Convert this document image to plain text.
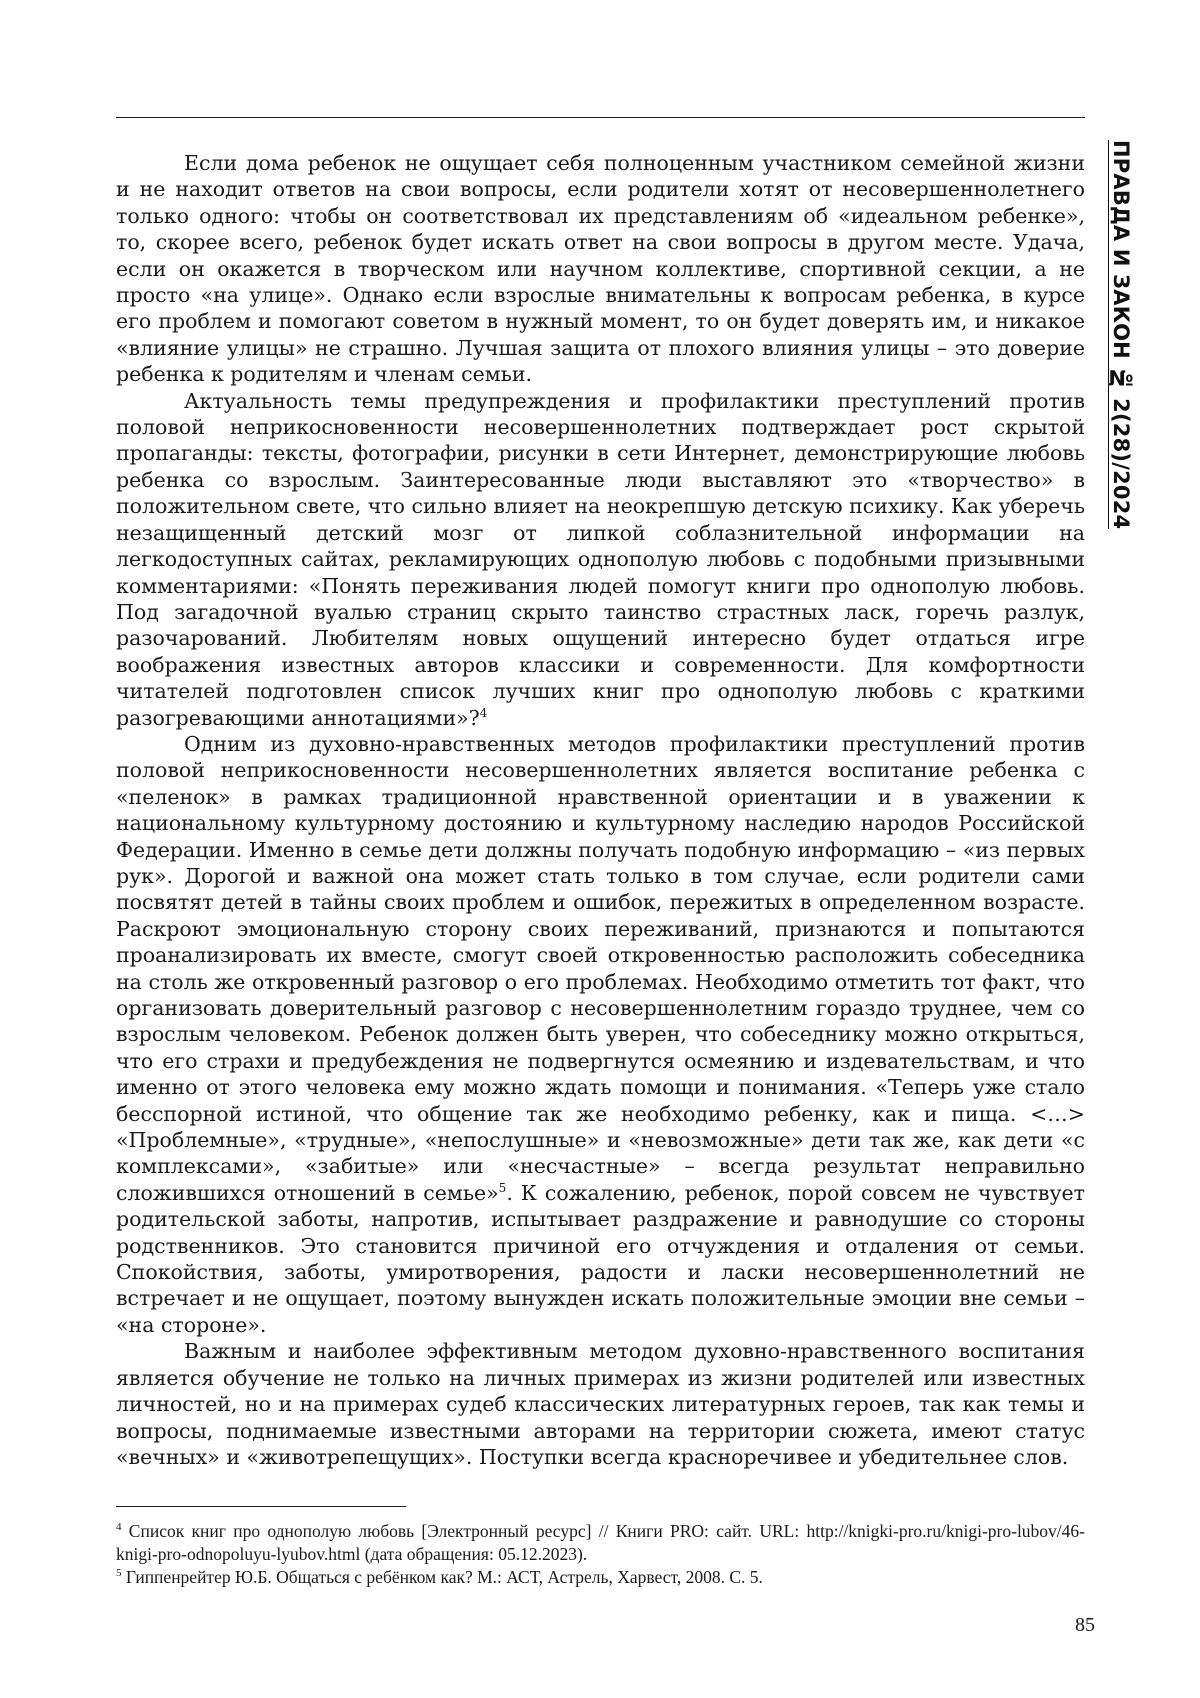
ПРАВДА И ЗАКОН № 2(28)/2024

Если дома ребенок не ощущает себя полноценным участником семейной жизни и не находит ответов на свои вопросы, если родители хотят от несовершеннолетнего только одного: чтобы он соответствовал их представлениям об «идеальном ребенке», то, скорее всего, ребенок будет искать ответ на свои вопросы в другом месте. Удача, если он окажется в творческом или научном коллективе, спортивной секции, а не просто «на улице». Однако если взрослые внимательны к вопросам ребенка, в курсе его проблем и помогают советом в нужный момент, то он будет доверять им, и никакое «влияние улицы» не страшно. Лучшая защита от плохого влияния улицы – это доверие ребенка к родителям и членам семьи.

Актуальность темы предупреждения и профилактики преступлений против половой неприкосновенности несовершеннолетних подтверждает рост скрытой пропаганды: тексты, фотографии, рисунки в сети Интернет, демонстрирующие любовь ребенка со взрослым. Заинтересованные люди выставляют это «творчество» в положительном свете, что сильно влияет на неокрепшую детскую психику. Как уберечь незащищенный детский мозг от липкой соблазнительной информации на легкодоступных сайтах, рекламирующих однополую любовь с подобными призывными комментариями: «Понять переживания людей помогут книги про однополую любовь. Под загадочной вуалью страниц скрыто таинство страстных ласк, горечь разлук, разочарований. Любителям новых ощущений интересно будет отдаться игре воображения известных авторов классики и современности. Для комфортности читателей подготовлен список лучших книг про однополую любовь с краткими разогревающими аннотациями»?$^4$

Одним из духовно-нравственных методов профилактики преступлений против половой неприкосновенности несовершеннолетних является воспитание ребенка с «пеленок» в рамках традиционной нравственной ориентации и в уважении к национальному культурному достоянию и культурному наследию народов Российской Федерации. Именно в семье дети должны получать подобную информацию – «из первых рук». Дорогой и важной она может стать только в том случае, если родители сами посвятят детей в тайны своих проблем и ошибок, пережитых в определенном возрасте. Раскроют эмоциональную сторону своих переживаний, признаются и попытаются проанализировать их вместе, смогут своей откровенностью расположить собеседника на столь же откровенный разговор о его проблемах. Необходимо отметить тот факт, что организовать доверительный разговор с несовершеннолетним гораздо труднее, чем со взрослым человеком. Ребенок должен быть уверен, что собеседнику можно открыться, что его страхи и предубеждения не подвергнутся осмеянию и издевательствам, и что именно от этого человека ему можно ждать помощи и понимания. «Теперь уже стало бесспорной истиной, что общение так же необходимо ребенку, как и пища. <…> «Проблемные», «трудные», «непослушные» и «невозможные» дети так же, как дети «с комплексами», «забитые» или «несчастные» – всегда результат неправильно сложившихся отношений в семье»$^5$. К сожалению, ребенок, порой совсем не чувствует родительской заботы, напротив, испытывает раздражение и равнодушие со стороны родственников. Это становится причиной его отчуждения и отдаления от семьи. Спокойствия, заботы, умиротворения, радости и ласки несовершеннолетний не встречает и не ощущает, поэтому вынужден искать положительные эмоции вне семьи – «на стороне».

Важным и наиболее эффективным методом духовно-нравственного воспитания является обучение не только на личных примерах из жизни родителей или известных личностей, но и на примерах судеб классических литературных героев, так как темы и вопросы, поднимаемые известными авторами на территории сюжета, имеют статус «вечных» и «животрепещущих». Поступки всегда красноречивее и убедительнее слов.

$^4$ Список книг про однополую любовь [Электронный ресурс] // Книги PRO: сайт. URL: http://knigki-pro.ru/knigi-pro-lubov/46-knigi-pro-odnopoluyu-lyubov.html (дата обращения: 05.12.2023).

$^5$ Гиппенрейтер Ю.Б. Общаться с ребёнком как? М.: АСТ, Астрель, Харвест, 2008. С. 5.

85
